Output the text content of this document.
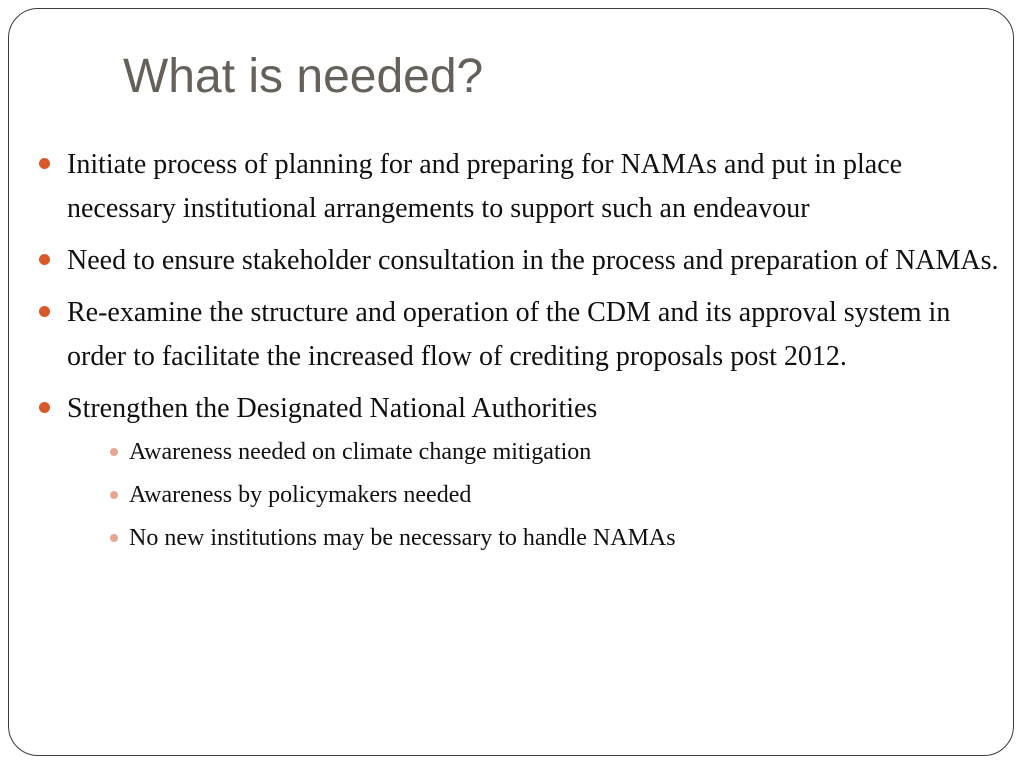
What is needed?
Initiate process of planning for and preparing for NAMAs and put in place necessary institutional arrangements to support such an endeavour
Need to ensure stakeholder consultation in the process and preparation of NAMAs.
Re-examine the structure and operation of the CDM and its approval system in order to facilitate the increased flow of crediting proposals post 2012.
Strengthen the Designated National Authorities
Awareness needed on climate change mitigation
Awareness by policymakers needed
No new institutions may be necessary to handle NAMAs
